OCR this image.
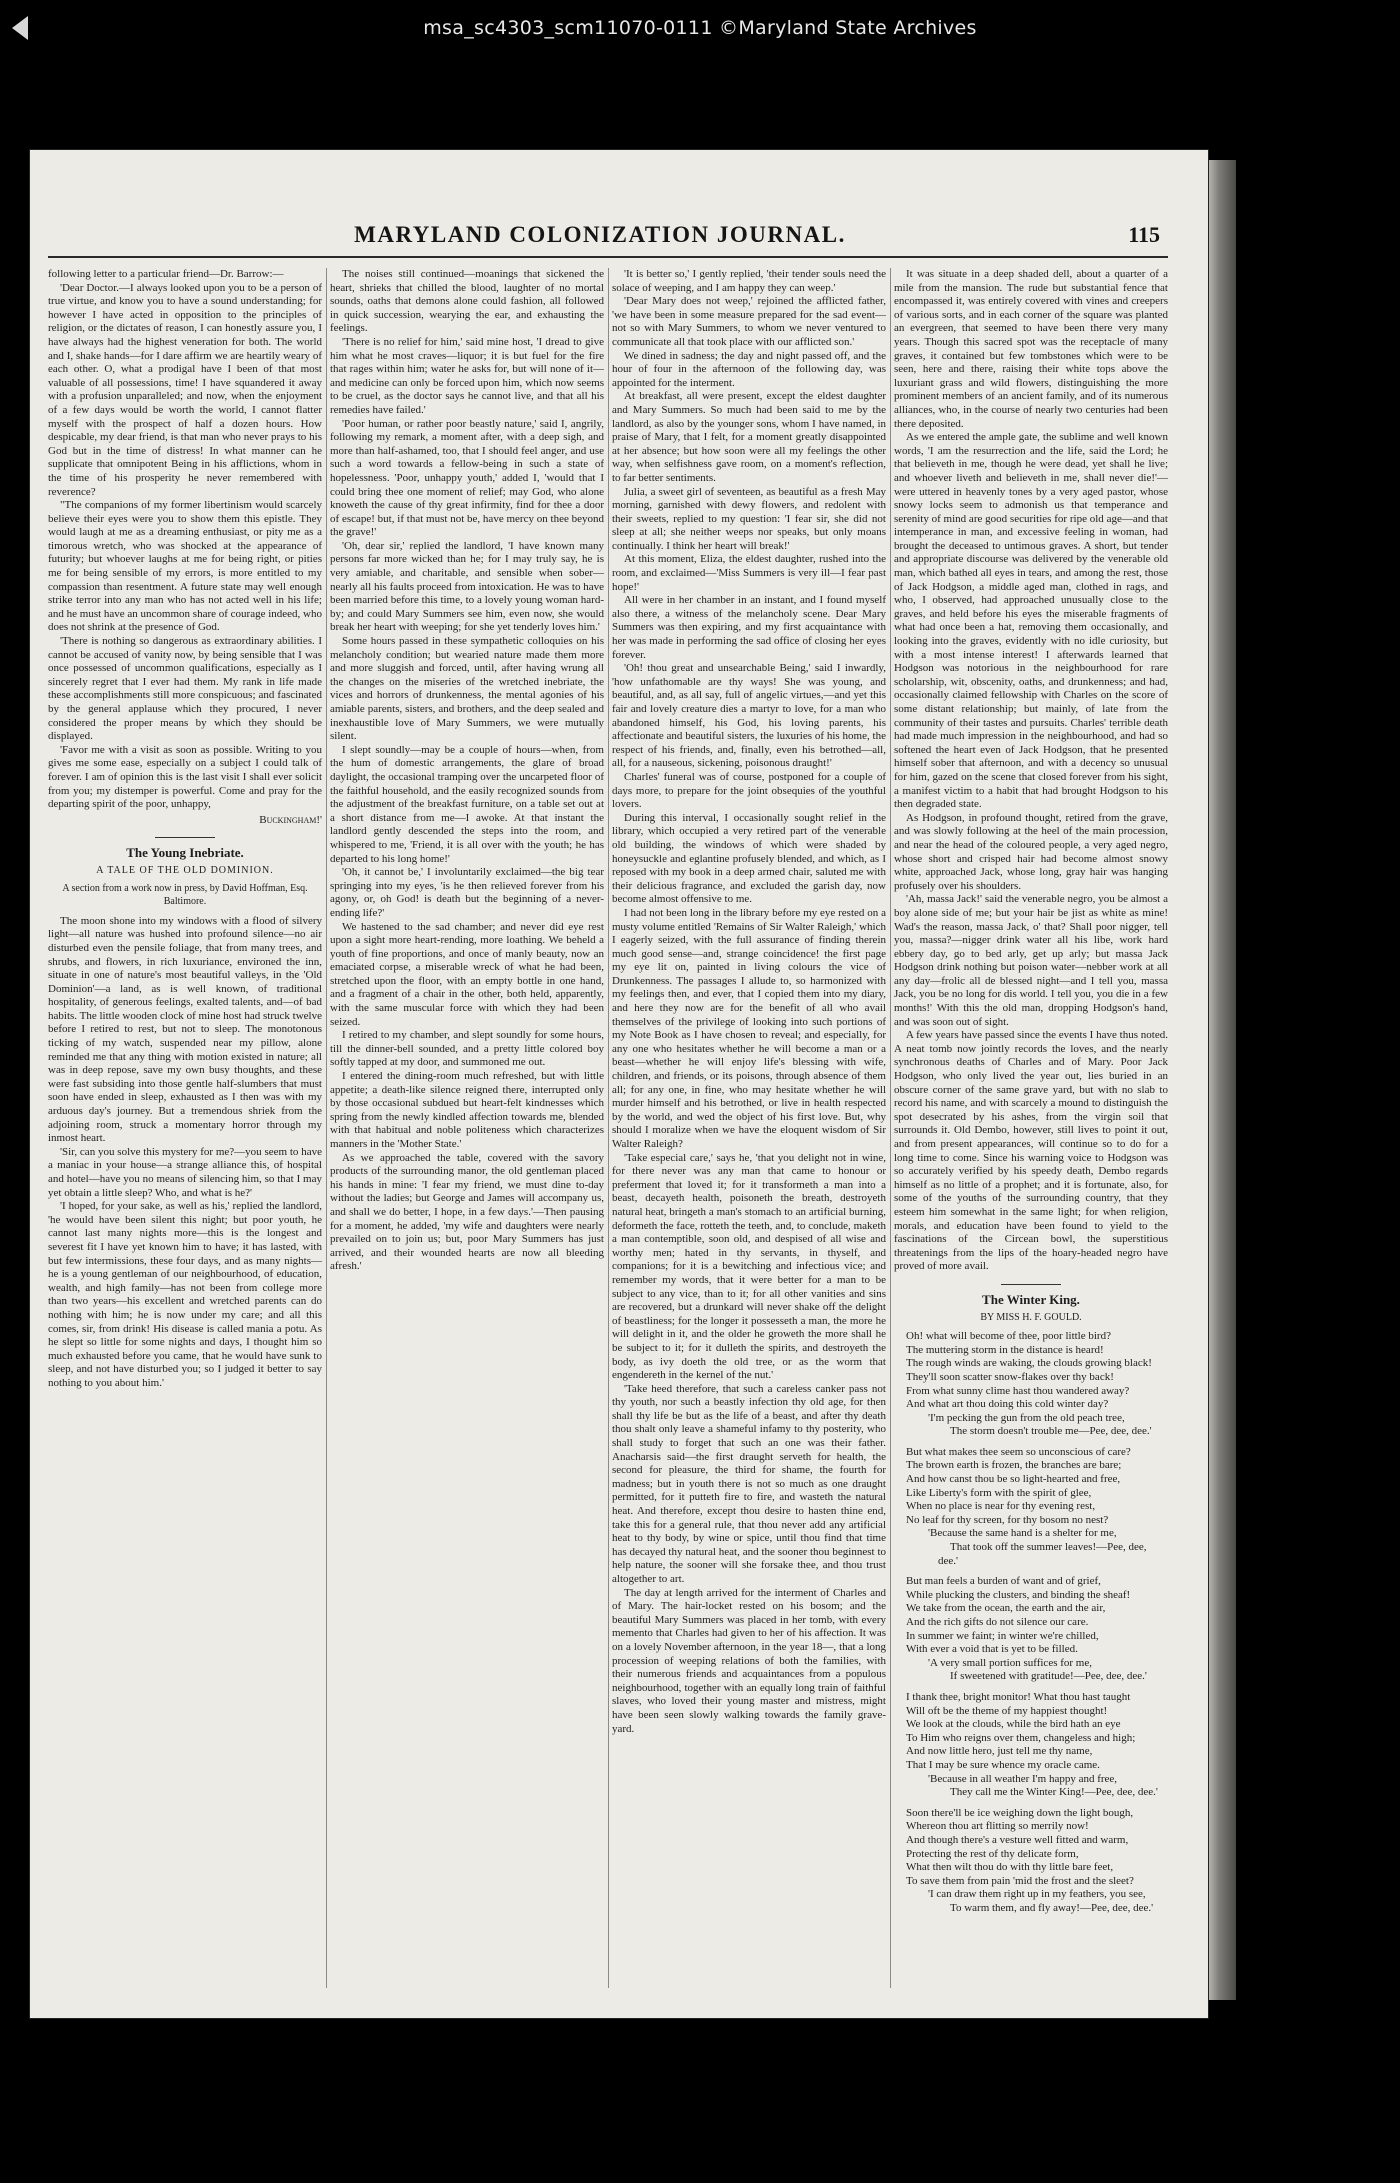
msa_sc4303_scm11070-0111 ©Maryland State Archives
MARYLAND COLONIZATION JOURNAL.	115

following letter to a particular friend—Dr. Barrow:—

'Dear Doctor.—I always looked upon you to be a person of true virtue, and know you to have a sound understanding; for however I have acted in opposition to the principles of religion, or the dictates of reason, I can honestly assure you, I have always had the highest veneration for both. The world and I, shake hands—for I dare affirm we are heartily weary of each other. O, what a prodigal have I been of that most valuable of all possessions, time! I have squandered it away with a profusion unparalleled; and now, when the enjoyment of a few days would be worth the world, I cannot flatter myself with the prospect of half a dozen hours. How despicable, my dear friend, is that man who never prays to his God but in the time of distress! In what manner can he supplicate that omnipotent Being in his afflictions, whom in the time of his prosperity he never remembered with reverence?

"The companions of my former libertinism would scarcely believe their eyes were you to show them this epistle. They would laugh at me as a dreaming enthusiast, or pity me as a timorous wretch, who was shocked at the appearance of futurity; but whoever laughs at me for being right, or pities me for being sensible of my errors, is more entitled to my compassion than resentment. A future state may well enough strike terror into any man who has not acted well in his life; and he must have an uncommon share of courage indeed, who does not shrink at the presence of God.

'There is nothing so dangerous as extraordinary abilities. I cannot be accused of vanity now, by being sensible that I was once possessed of uncommon qualifications, especially as I sincerely regret that I ever had them. My rank in life made these accomplishments still more conspicuous; and fascinated by the general applause which they procured, I never considered the proper means by which they should be displayed.

'Favor me with a visit as soon as possible. Writing to you gives me some ease, especially on a subject I could talk of forever. I am of opinion this is the last visit I shall ever solicit from you; my distemper is powerful. Come and pray for the departing spirit of the poor, unhappy,

Buckingham!'

The Young Inebriate.
A TALE OF THE OLD DOMINION.
A section from a work now in press, by David Hoffman, Esq. Baltimore.

The moon shone into my windows with a flood of silvery light—all nature was hushed into profound silence—no air disturbed even the pensile foliage, that from many trees, and shrubs, and flowers, in rich luxuriance, environed the inn, situate in one of nature's most beautiful valleys, in the 'Old Dominion'—a land, as is well known, of traditional hospitality, of generous feelings, exalted talents, and—of bad habits. The little wooden clock of mine host had struck twelve before I retired to rest, but not to sleep. The monotonous ticking of my watch, suspended near my pillow, alone reminded me that any thing with motion existed in nature; all was in deep repose, save my own busy thoughts, and these were fast subsiding into those gentle half-slumbers that must soon have ended in sleep, exhausted as I then was with my arduous day's journey. But a tremendous shriek from the adjoining room, struck a momentary horror through my inmost heart.

'Sir, can you solve this mystery for me?—you seem to have a maniac in your house—a strange alliance this, of hospital and hotel—have you no means of silencing him, so that I may yet obtain a little sleep? Who, and what is he?'

'I hoped, for your sake, as well as his,' replied the landlord, 'he would have been silent this night; but poor youth, he cannot last many nights more—this is the longest and severest fit I have yet known him to have; it has lasted, with but few intermissions, these four days, and as many nights—he is a young gentleman of our neighbourhood, of education, wealth, and high family—has not been from college more than two years—his excellent and wretched parents can do nothing with him; he is now under my care; and all this comes, sir, from drink! His disease is called mania a potu. As he slept so little for some nights and days, I thought him so much exhausted before you came, that he would have sunk to sleep, and not have disturbed you; so I judged it better to say nothing to you about him.'

The noises still continued—moanings that sickened the heart, shrieks that chilled the blood, laughter of no mortal sounds, oaths that demons alone could fashion, all followed in quick succession, wearying the ear, and exhausting the feelings.

'There is no relief for him,' said mine host, 'I dread to give him what he most craves—liquor; it is but fuel for the fire that rages within him; water he asks for, but will none of it—and medicine can only be forced upon him, which now seems to be cruel, as the doctor says he cannot live, and that all his remedies have failed.'

'Poor human, or rather poor beastly nature,' said I, angrily, following my remark, a moment after, with a deep sigh, and more than half-ashamed, too, that I should feel anger, and use such a word towards a fellow-being in such a state of hopelessness. 'Poor, unhappy youth,' added I, 'would that I could bring thee one moment of relief; may God, who alone knoweth the cause of thy great infirmity, find for thee a door of escape! but, if that must not be, have mercy on thee beyond the grave!'

'Oh, dear sir,' replied the landlord, 'I have known many persons far more wicked than he; for I may truly say, he is very amiable, and charitable, and sensible when sober—nearly all his faults proceed from intoxication. He was to have been married before this time, to a lovely young woman hard-by; and could Mary Summers see him, even now, she would break her heart with weeping; for she yet tenderly loves him.'

Some hours passed in these sympathetic colloquies on his melancholy condition; but wearied nature made them more and more sluggish and forced, until, after having wrung all the changes on the miseries of the wretched inebriate, the vices and horrors of drunkenness, the mental agonies of his amiable parents, sisters, and brothers, and the deep sealed and inexhaustible love of Mary Summers, we were mutually silent.

I slept soundly—may be a couple of hours—when, from the hum of domestic arrangements, the glare of broad daylight, the occasional tramping over the uncarpeted floor of the faithful household, and the easily recognized sounds from the adjustment of the breakfast furniture, on a table set out at a short distance from me—I awoke. At that instant the landlord gently descended the steps into the room, and whispered to me, 'Friend, it is all over with the youth; he has departed to his long home!'

'Oh, it cannot be,' I involuntarily exclaimed—the big tear springing into my eyes, 'is he then relieved forever from his agony, or, oh God! is death but the beginning of a never-ending life?'

We hastened to the sad chamber; and never did eye rest upon a sight more heart-rending, more loathing. We beheld a youth of fine proportions, and once of manly beauty, now an emaciated corpse, a miserable wreck of what he had been, stretched upon the floor, with an empty bottle in one hand, and a fragment of a chair in the other, both held, apparently, with the same muscular force with which they had been seized.

I retired to my chamber, and slept soundly for some hours, till the dinner-bell sounded, and a pretty little colored boy softly tapped at my door, and summoned me out.

I entered the dining-room much refreshed, but with little appetite; a death-like silence reigned there, interrupted only by those occasional subdued but heart-felt kindnesses which spring from the newly kindled affection towards me, blended with that habitual and noble politeness which characterizes manners in the 'Mother State.'

As we approached the table, covered with the savory products of the surrounding manor, the old gentleman placed his hands in mine: 'I fear my friend, we must dine to-day without the ladies; but George and James will accompany us, and shall we do better, I hope, in a few days.'—Then pausing for a moment, he added, 'my wife and daughters were nearly prevailed on to join us; but, poor Mary Summers has just arrived, and their wounded hearts are now all bleeding afresh.'

'It is better so,' I gently replied, 'their tender souls need the solace of weeping, and I am happy they can weep.'

'Dear Mary does not weep,' rejoined the afflicted father, 'we have been in some measure prepared for the sad event—not so with Mary Summers, to whom we never ventured to communicate all that took place with our afflicted son.'

We dined in sadness; the day and night passed off, and the hour of four in the afternoon of the following day, was appointed for the interment.

At breakfast, all were present, except the eldest daughter and Mary Summers. So much had been said to me by the landlord, as also by the younger sons, whom I have named, in praise of Mary, that I felt, for a moment greatly disappointed at her absence; but how soon were all my feelings the other way, when selfishness gave room, on a moment's reflection, to far better sentiments.

Julia, a sweet girl of seventeen, as beautiful as a fresh May morning, garnished with dewy flowers, and redolent with their sweets, replied to my question: 'I fear sir, she did not sleep at all; she neither weeps nor speaks, but only moans continually. I think her heart will break!'

At this moment, Eliza, the eldest daughter, rushed into the room, and exclaimed—'Miss Summers is very ill—I fear past hope!'

All were in her chamber in an instant, and I found myself also there, a witness of the melancholy scene. Dear Mary Summers was then expiring, and my first acquaintance with her was made in performing the sad office of closing her eyes forever.

'Oh! thou great and unsearchable Being,' said I inwardly, 'how unfathomable are thy ways! She was young, and beautiful, and, as all say, full of angelic virtues,—and yet this fair and lovely creature dies a martyr to love, for a man who abandoned himself, his God, his loving parents, his affectionate and beautiful sisters, the luxuries of his home, the respect of his friends, and, finally, even his betrothed—all, all, for a nauseous, sickening, poisonous draught!'

Charles' funeral was of course, postponed for a couple of days more, to prepare for the joint obsequies of the youthful lovers.

During this interval, I occasionally sought relief in the library, which occupied a very retired part of the venerable old building, the windows of which were shaded by honeysuckle and eglantine profusely blended, and which, as I reposed with my book in a deep armed chair, saluted me with their delicious fragrance, and excluded the garish day, now become almost offensive to me.

I had not been long in the library before my eye rested on a musty volume entitled 'Remains of Sir Walter Raleigh,' which I eagerly seized, with the full assurance of finding therein much good sense—and, strange coincidence! the first page my eye lit on, painted in living colours the vice of Drunkenness. The passages I allude to, so harmonized with my feelings then, and ever, that I copied them into my diary, and here they now are for the benefit of all who avail themselves of the privilege of looking into such portions of my Note Book as I have chosen to reveal; and especially, for any one who hesitates whether he will become a man or a beast—whether he will enjoy life's blessing with wife, children, and friends, or its poisons, through absence of them all; for any one, in fine, who may hesitate whether he will murder himself and his betrothed, or live in health respected by the world, and wed the object of his first love. But, why should I moralize when we have the eloquent wisdom of Sir Walter Raleigh?

'Take especial care,' says he, 'that you delight not in wine, for there never was any man that came to honour or preferment that loved it; for it transformeth a man into a beast, decayeth health, poisoneth the breath, destroyeth natural heat, bringeth a man's stomach to an artificial burning, deformeth the face, rotteth the teeth, and, to conclude, maketh a man contemptible, soon old, and despised of all wise and worthy men; hated in thy servants, in thyself, and companions; for it is a bewitching and infectious vice; and remember my words, that it were better for a man to be subject to any vice, than to it; for all other vanities and sins are recovered, but a drunkard will never shake off the delight of beastliness; for the longer it possesseth a man, the more he will delight in it, and the older he groweth the more shall he be subject to it; for it dulleth the spirits, and destroyeth the body, as ivy doeth the old tree, or as the worm that engendereth in the kernel of the nut.'

'Take heed therefore, that such a careless canker pass not thy youth, nor such a beastly infection thy old age, for then shall thy life be but as the life of a beast, and after thy death thou shalt only leave a shameful infamy to thy posterity, who shall study to forget that such an one was their father. Anacharsis said—the first draught serveth for health, the second for pleasure, the third for shame, the fourth for madness; but in youth there is not so much as one draught permitted, for it putteth fire to fire, and wasteth the natural heat. And therefore, except thou desire to hasten thine end, take this for a general rule, that thou never add any artificial heat to thy body, by wine or spice, until thou find that time has decayed thy natural heat, and the sooner thou beginnest to help nature, the sooner will she forsake thee, and thou trust altogether to art.

The day at length arrived for the interment of Charles and of Mary. The hair-locket rested on his bosom; and the beautiful Mary Summers was placed in her tomb, with every memento that Charles had given to her of his affection. It was on a lovely November afternoon, in the year 18—, that a long procession of weeping relations of both the families, with their numerous friends and acquaintances from a populous neighbourhood, together with an equally long train of faithful slaves, who loved their young master and mistress, might have been seen slowly walking towards the family grave-yard.

It was situate in a deep shaded dell, about a quarter of a mile from the mansion. The rude but substantial fence that encompassed it, was entirely covered with vines and creepers of various sorts, and in each corner of the square was planted an evergreen, that seemed to have been there very many years. Though this sacred spot was the receptacle of many graves, it contained but few tombstones which were to be seen, here and there, raising their white tops above the luxuriant grass and wild flowers, distinguishing the more prominent members of an ancient family, and of its numerous alliances, who, in the course of nearly two centuries had been there deposited.

As we entered the ample gate, the sublime and well known words, 'I am the resurrection and the life, said the Lord; he that believeth in me, though he were dead, yet shall he live; and whoever liveth and believeth in me, shall never die!'—were uttered in heavenly tones by a very aged pastor, whose snowy locks seem to admonish us that temperance and serenity of mind are good securities for ripe old age—and that intemperance in man, and excessive feeling in woman, had brought the deceased to untimous graves. A short, but tender and appropriate discourse was delivered by the venerable old man, which bathed all eyes in tears, and among the rest, those of Jack Hodgson, a middle aged man, clothed in rags, and who, I observed, had approached unusually close to the graves, and held before his eyes the miserable fragments of what had once been a hat, removing them occasionally, and looking into the graves, evidently with no idle curiosity, but with a most intense interest! I afterwards learned that Hodgson was notorious in the neighbourhood for rare scholarship, wit, obscenity, oaths, and drunkenness; and had, occasionally claimed fellowship with Charles on the score of some distant relationship; but mainly, of late from the community of their tastes and pursuits. Charles' terrible death had made much impression in the neighbourhood, and had so softened the heart even of Jack Hodgson, that he presented himself sober that afternoon, and with a decency so unusual for him, gazed on the scene that closed forever from his sight, a manifest victim to a habit that had brought Hodgson to his then degraded state.

As Hodgson, in profound thought, retired from the grave, and was slowly following at the heel of the main procession, and near the head of the coloured people, a very aged negro, whose short and crisped hair had become almost snowy white, approached Jack, whose long, gray hair was hanging profusely over his shoulders.

'Ah, massa Jack!' said the venerable negro, you be almost a boy alone side of me; but your hair be jist as white as mine! Wad's the reason, massa Jack, o' that? Shall poor nigger, tell you, massa?—nigger drink water all his libe, work hard ebbery day, go to bed arly, get up arly; but massa Jack Hodgson drink nothing but poison water—nebber work at all any day—frolic all de blessed night—and I tell you, massa Jack, you be no long for dis world. I tell you, you die in a few months!' With this the old man, dropping Hodgson's hand, and was soon out of sight.

A few years have passed since the events I have thus noted. A neat tomb now jointly records the loves, and the nearly synchronous deaths of Charles and of Mary. Poor Jack Hodgson, who only lived the year out, lies buried in an obscure corner of the same grave yard, but with no slab to record his name, and with scarcely a mound to distinguish the spot desecrated by his ashes, from the virgin soil that surrounds it. Old Dembo, however, still lives to point it out, and from present appearances, will continue so to do for a long time to come. Since his warning voice to Hodgson was so accurately verified by his speedy death, Dembo regards himself as no little of a prophet; and it is fortunate, also, for some of the youths of the surrounding country, that they esteem him somewhat in the same light; for when religion, morals, and education have been found to yield to the fascinations of the Circean bowl, the superstitious threatenings from the lips of the hoary-headed negro have proved of more avail.

The Winter King.
BY MISS H. F. GOULD.

Oh! what will become of thee, poor little bird?

The muttering storm in the distance is heard!

The rough winds are waking, the clouds growing black!

They'll soon scatter snow-flakes over thy back!

From what sunny clime hast thou wandered away?

And what art thou doing this cold winter day?

'I'm pecking the gun from the old peach tree,

The storm doesn't trouble me—Pee, dee, dee.'

But what makes thee seem so unconscious of care?

The brown earth is frozen, the branches are bare;

And how canst thou be so light-hearted and free,

Like Liberty's form with the spirit of glee,

When no place is near for thy evening rest,

No leaf for thy screen, for thy bosom no nest?

'Because the same hand is a shelter for me,

That took off the summer leaves!—Pee, dee, dee.'

But man feels a burden of want and of grief,

While plucking the clusters, and binding the sheaf!

We take from the ocean, the earth and the air,

And the rich gifts do not silence our care.

In summer we faint; in winter we're chilled,

With ever a void that is yet to be filled.

'A very small portion suffices for me,

If sweetened with gratitude!—Pee, dee, dee.'

I thank thee, bright monitor! What thou hast taught

Will oft be the theme of my happiest thought!

We look at the clouds, while the bird hath an eye

To Him who reigns over them, changeless and high;

And now little hero, just tell me thy name,

That I may be sure whence my oracle came.

'Because in all weather I'm happy and free,

They call me the Winter King!—Pee, dee, dee.'

Soon there'll be ice weighing down the light bough,

Whereon thou art flitting so merrily now!

And though there's a vesture well fitted and warm,

Protecting the rest of thy delicate form,

What then wilt thou do with thy little bare feet,

To save them from pain 'mid the frost and the sleet?

'I can draw them right up in my feathers, you see,

To warm them, and fly away!—Pee, dee, dee.'
